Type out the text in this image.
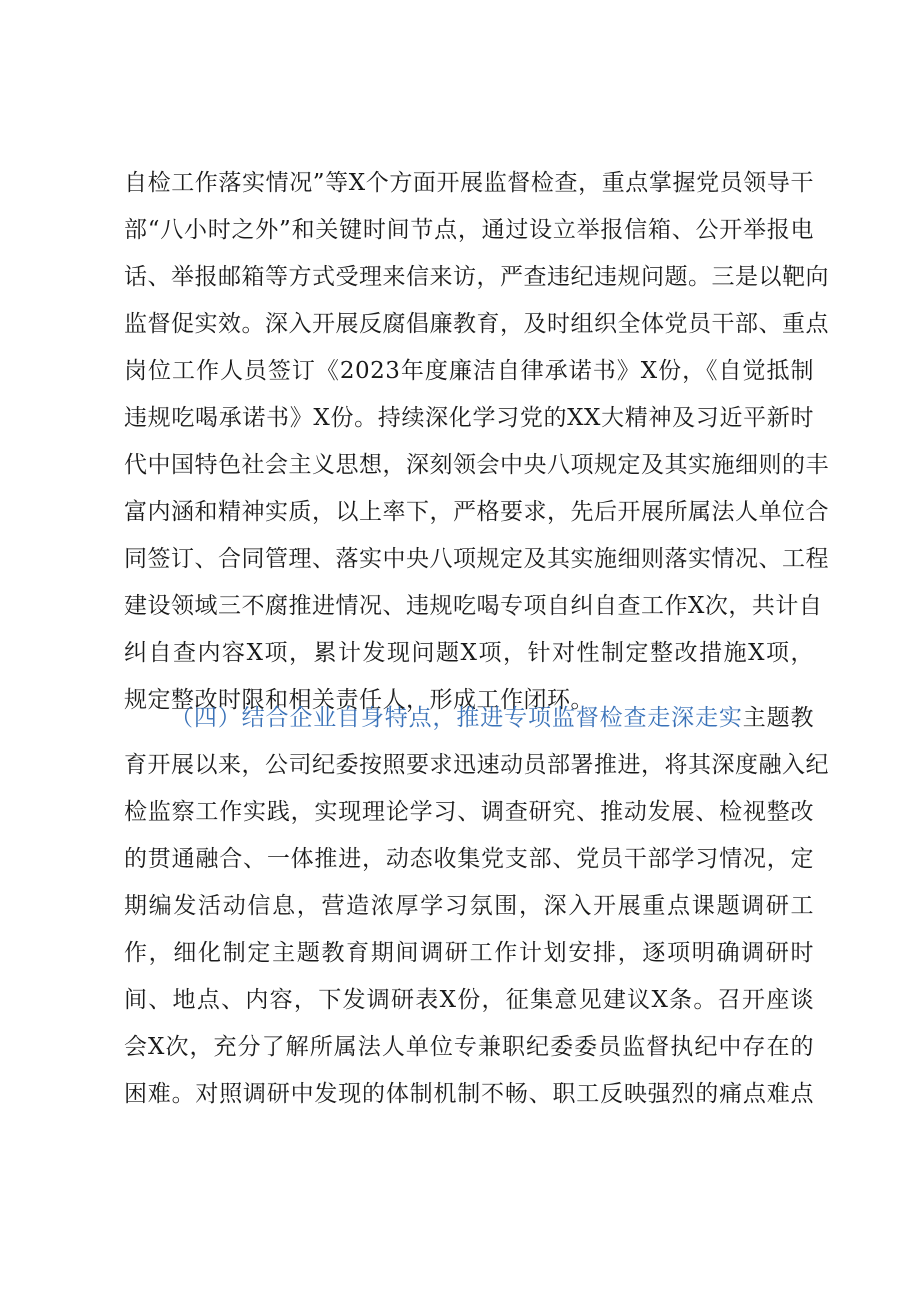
自检工作落实情况”等X个方面开展监督检查，重点掌握党员领导干
部“八小时之外”和关键时间节点，通过设立举报信箱、公开举报电
话、举报邮箱等方式受理来信来访，严查违纪违规问题。三是以靶向
监督促实效。深入开展反腐倡廉教育，及时组织全体党员干部、重点
岗位工作人员签订《2023年度廉洁自律承诺书》X份，《自觉抵制
违规吃喝承诺书》X份。持续深化学习党的XX大精神及习近平新时
代中国特色社会主义思想，深刻领会中央八项规定及其实施细则的丰
富内涵和精神实质，以上率下，严格要求，先后开展所属法人单位合
同签订、合同管理、落实中央八项规定及其实施细则落实情况、工程
建设领域三不腐推进情况、违规吃喝专项自纠自查工作X次，共计自
纠自查内容X项，累计发现问题X项，针对性制定整改措施X项，
规定整改时限和相关责任人，形成工作闭环。
（四）结合企业自身特点，推进专项监督检查走深走实主题教
育开展以来，公司纪委按照要求迅速动员部署推进，将其深度融入纪
检监察工作实践，实现理论学习、调查研究、推动发展、检视整改
的贯通融合、一体推进，动态收集党支部、党员干部学习情况，定
期编发活动信息，营造浓厚学习氛围，深入开展重点课题调研工
作，细化制定主题教育期间调研工作计划安排，逐项明确调研时
间、地点、内容，下发调研表X份，征集意见建议X条。召开座谈
会X次，充分了解所属法人单位专兼职纪委委员监督执纪中存在的
困难。对照调研中发现的体制机制不畅、职工反映强烈的痛点难点
